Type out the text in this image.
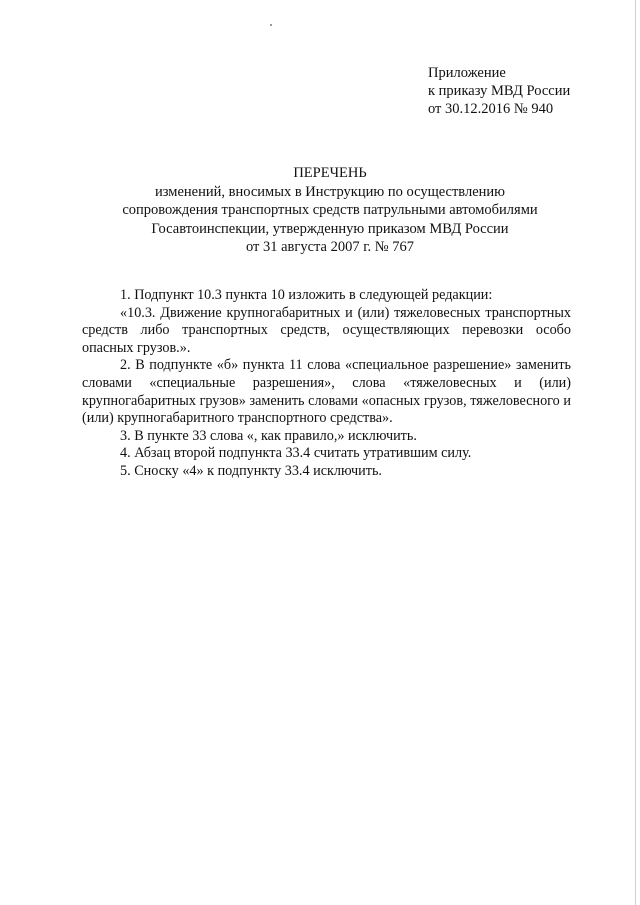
Приложение
к приказу МВД России
от 30.12.2016 № 940
ПЕРЕЧЕНЬ
изменений, вносимых в Инструкцию по осуществлению
сопровождения транспортных средств патрульными автомобилями
Госавтоинспекции, утвержденную приказом МВД России
от 31 августа 2007 г. № 767

1. Подпункт 10.3 пункта 10 изложить в следующей редакции:

«10.3. Движение крупногабаритных и (или) тяжеловесных транспортных средств либо транспортных средств, осуществляющих перевозки особо опасных грузов.».

2. В подпункте «б» пункта 11 слова «специальное разрешение» заменить словами «специальные разрешения», слова «тяжеловесных и (или) крупногабаритных грузов» заменить словами «опасных грузов, тяжеловесного и (или) крупногабаритного транспортного средства».

3. В пункте 33 слова «, как правило,» исключить.

4. Абзац второй подпункта 33.4 считать утратившим силу.

5. Сноску «4» к подпункту 33.4 исключить.
